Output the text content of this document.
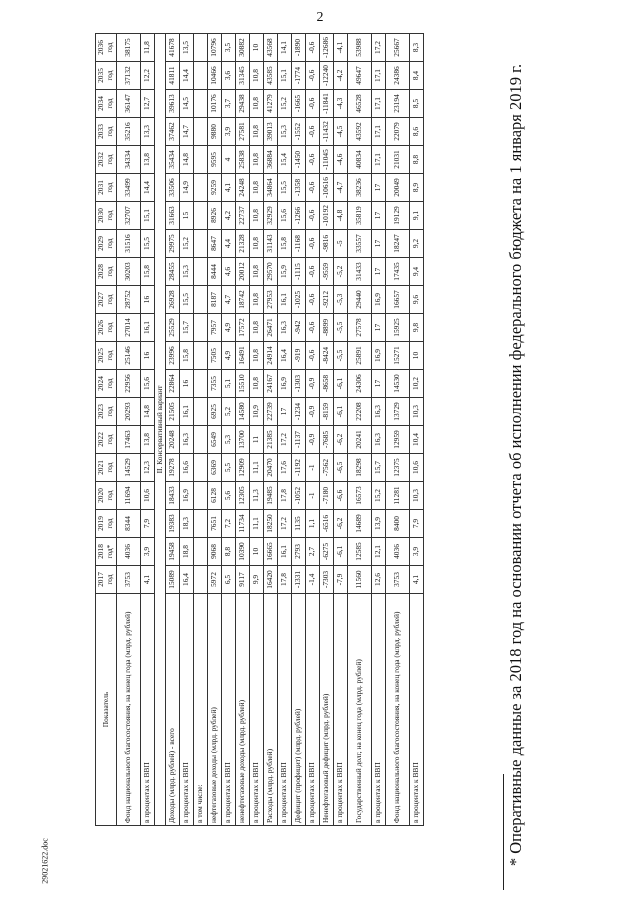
2
Показатель	2017 год	2018 год*	2019 год	2020 год	2021 год	2022 год	2023 год	2024 год	2025 год	2026 год	2027 год	2028 год	2029 год	2030 год	2031 год	2032 год	2033 год	2034 год	2035 год	2036 год
Фонд национального благосостояния, на конец года (млрд. рублей)	3753	4036	8344	11694	14529	17463	20293	22956	25146	27014	28752	30203	31516	32707	33499	34334	35216	36147	37132	38175
в процентах к ВВП	4,1	3,9	7,9	10,6	12,3	13,8	14,8	15,6	16	16,1	16	15,8	15,5	15,1	14,4	13,8	13,3	12,7	12,2	11,8
II. Консервативный вариант																				
Доходы (млрд. рублей) - всего	15089	19458	19383	18433	19278	20248	21505	22864	23996	25529	26928	28455	29975	31663	33506	35434	37462	39613	41811	41678
в процентах к ВВП	16,4	18,8	18,3	16,9	16,6	16,3	16,1	16	15,8	15,7	15,5	15,3	15,2	15	14,9	14,8	14,7	14,5	14,4	13,5
в том числе:																				
нефтегазовые доходы (млрд. рублей)	5972	9068	7651	6128	6369	6549	6925	7355	7505	7957	8187	8444	8647	8926	9259	9595	9880	10176	10466	10796
в процентах к ВВП	6,5	8,8	7,2	5,6	5,5	5,3	5,2	5,1	4,9	4,9	4,7	4,6	4,4	4,2	4,1	4	3,9	3,7	3,6	3,5
ненефтегазовые доходы (млрд. рублей)	9117	10390	11734	12305	12909	13700	14580	15510	16491	17572	18742	20012	21328	22737	24248	25838	27581	29438	31345	30882
в процентах к ВВП	9,9	10	11,1	11,3	11,1	11	10,9	10,8	10,8	10,8	10,8	10,8	10,8	10,8	10,8	10,8	10,8	10,8	10,8	10
Расходы (млрд. рублей)	16420	16665	18250	19485	20470	21385	22739	24167	24914	26471	27953	29570	31143	32929	34864	36884	39013	41279	43585	43568
в процентах к ВВП	17,8	16,1	17,2	17,8	17,6	17,2	17	16,9	16,4	16,3	16,1	15,9	15,8	15,6	15,5	15,4	15,3	15,2	15,1	14,1
Дефицит (профицит) (млрд. рублей)	-1331	2793	1135	-1052	-1192	-1137	-1234	-1303	-919	-942	-1025	-1115	-1168	-1266	-1358	-1450	-1552	-1665	-1774	-1890
в процентах к ВВП	-1,4	2,7	1,1	-1	-1	-0,9	-0,9	-0,9	-0,6	-0,6	-0,6	-0,6	-0,6	-0,6	-0,6	-0,6	-0,6	-0,6	-0,6	-0,6
Ненефтегазовый дефицит (млрд. рублей)	-7303	-6275	-6516	-7180	-7562	-7685	-8159	-8658	-8424	-8899	-9212	-9559	-9816	-10192	-10616	-11045	-11432	-11841	-12240	-12686
в процентах к ВВП	-7,9	-6,1	-6,2	-6,6	-6,5	-6,2	-6,1	-6,1	-5,5	-5,5	-5,3	-5,2	-5	-4,8	-4,7	-4,6	-4,5	-4,3	-4,2	-4,1
Государственный долг, на конец года (млрд. рублей)	11560	12585	14689	16573	18298	20241	22208	24306	25891	27578	29440	31433	33557	35819	38236	40834	43592	46528	49647	53988
в процентах к ВВП	12,6	12,1	13,9	15,2	15,7	16,3	16,3	17	16,9	17	16,9	17	17	17	17	17,1	17,1	17,1	17,1	17,2
Фонд национального благосостояния, на конец года (млрд. рублей)	3753	4036	8400	11281	12375	12959	13729	14530	15271	15925	16657	17435	18247	19129	20049	21031	22079	23194	24386	25667
в процентах к ВВП	4,1	3,9	7,9	10,3	10,6	10,4	10,3	10,2	10	9,8	9,6	9,4	9,2	9,1	8,9	8,8	8,6	8,5	8,4	8,3
* Оперативные данные за 2018 год на основании отчета об исполнении федерального бюджета на 1 января 2019 г.
29021622.doc
